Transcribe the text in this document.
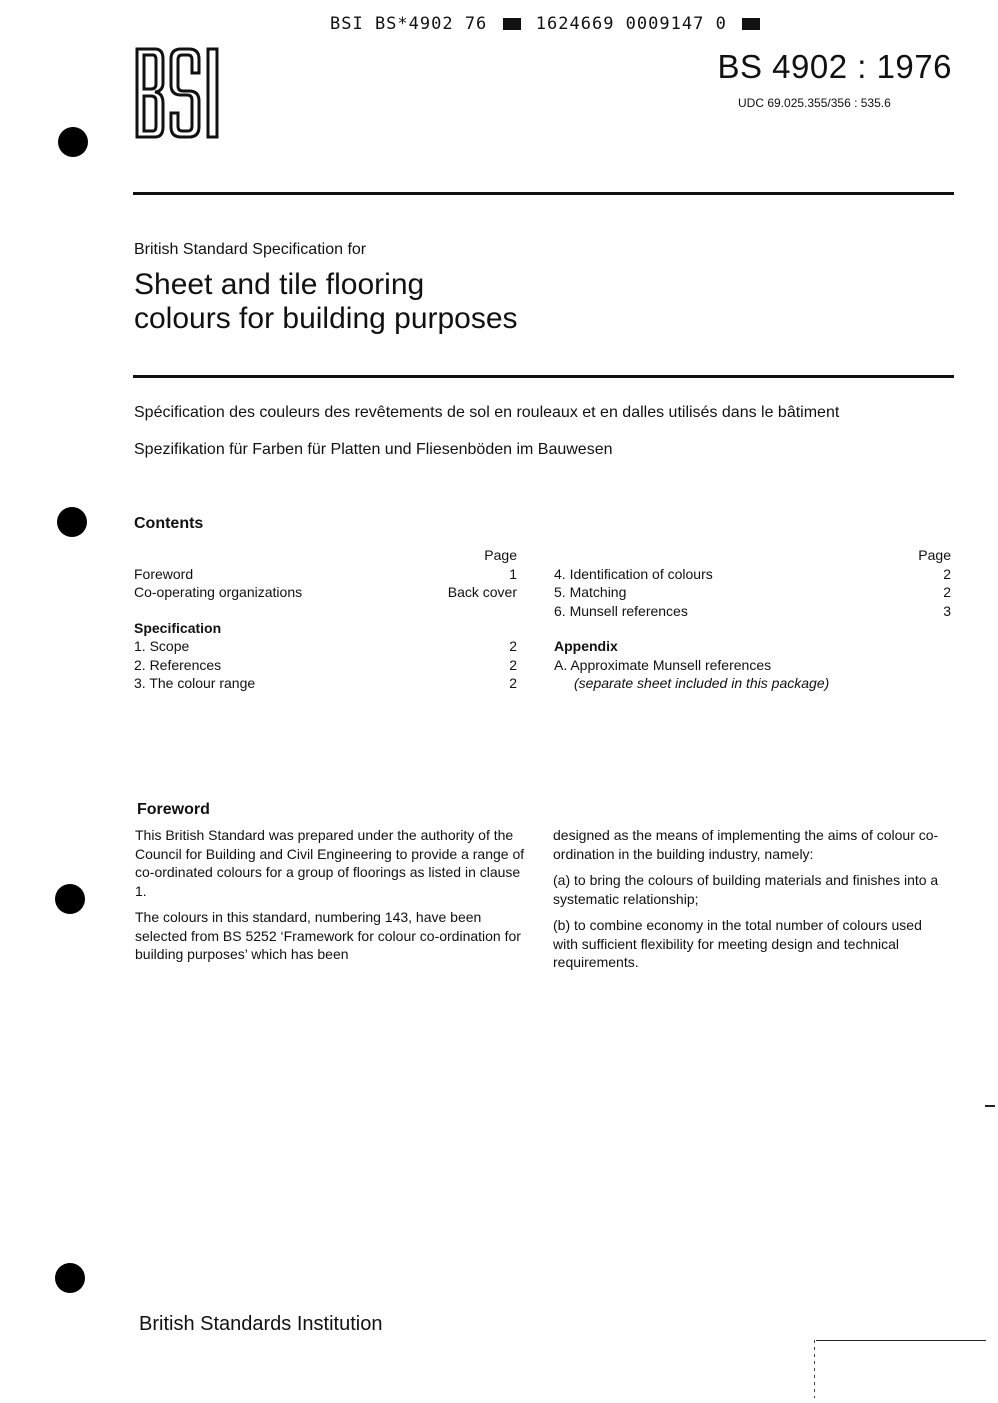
BSI BS*4902 76	1624669 0009147 0
BS 4902 : 1976
UDC 69.025.355/356 : 535.6
British Standard Specification for
Sheet and tile flooring
colours for building purposes
Spécification des couleurs des revêtements de sol en rouleaux et en dalles utilisés dans le bâtiment
Spezifikation für Farben für Platten und Fliesenböden im Bauwesen
Contents
Page
Foreword	1
Co-operating organizations	Back cover
Specification
1. Scope	2
2. References	2
3. The colour range	2
Page
4. Identification of colours	2
5. Matching	2
6. Munsell references	3
Appendix
A. Approximate Munsell references
(separate sheet included in this package)
Foreword

This British Standard was prepared under the authority of the Council for Building and Civil Engineering to provide a range of co-ordinated colours for a group of floorings as listed in clause 1.

The colours in this standard, numbering 143, have been selected from BS 5252 ‘Framework for colour co-ordination for building purposes’ which has been

designed as the means of implementing the aims of colour co-ordination in the building industry, namely:

(a) to bring the colours of building materials and finishes into a systematic relationship;

(b) to combine economy in the total number of colours used with sufficient flexibility for meeting design and technical requirements.

British Standards Institution
